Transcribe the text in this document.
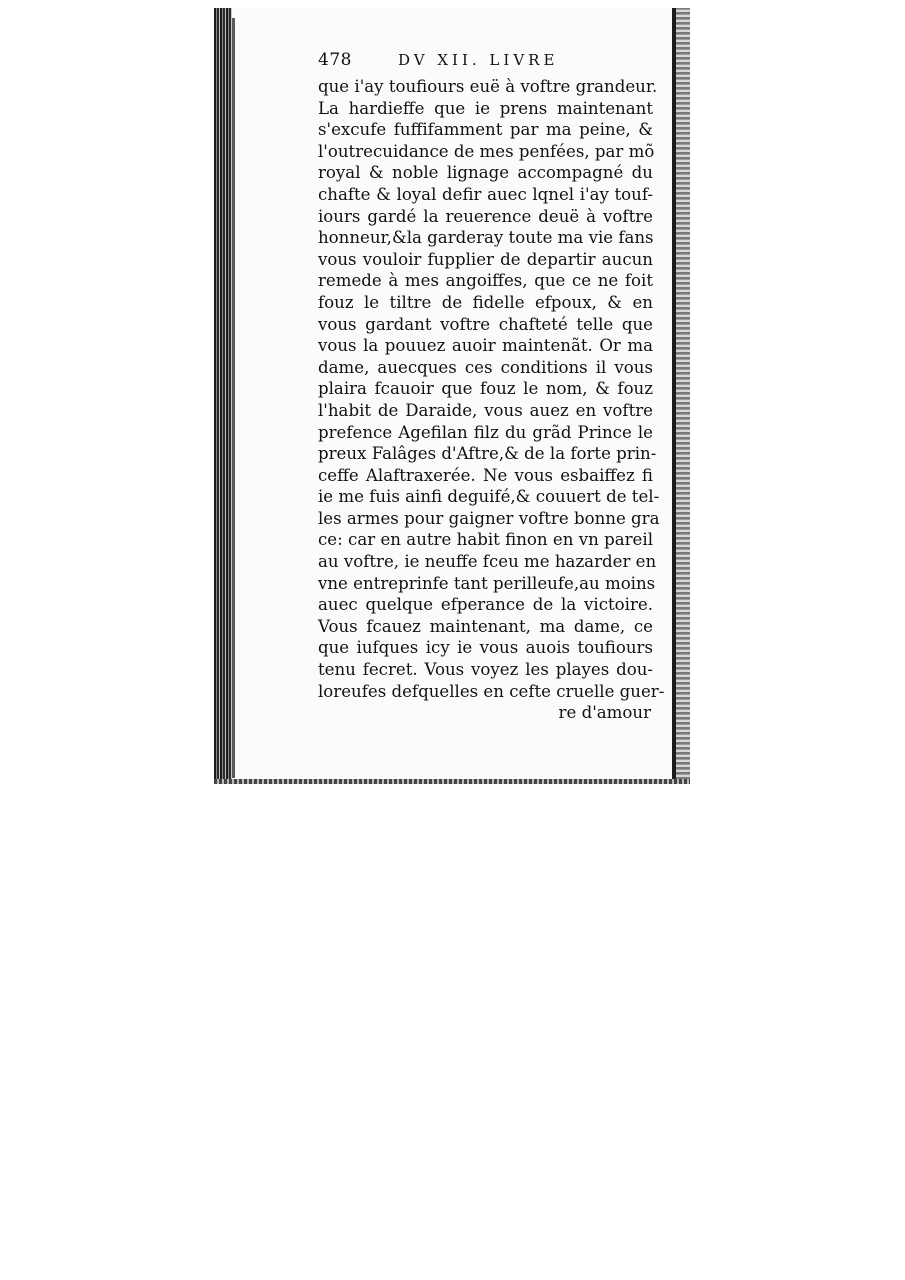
478	DV XII. LIVRE
que i'ay toufiours euë à voftre grandeur.
La hardieffe que ie prens maintenant
s'excufe fuffifamment par ma peine, &
l'outrecuidance de mes penfées, par mõ
royal & noble lignage accompagné du
chafte & loyal defir auec lqnel i'ay touf-
iours gardé la reuerence deuë à voftre
honneur,&la garderay toute ma vie fans
vous vouloir fupplier de departir aucun
remede à mes angoiffes, que ce ne foit
fouz le tiltre de fidelle efpoux, & en
vous gardant voftre chafteté telle que
vous la pouuez auoir maintenãt. Or ma
dame, auecques ces conditions il vous
plaira fcauoir que fouz le nom, & fouz
l'habit de Daraide, vous auez en voftre
prefence Agefilan filz du grãd Prince le
preux Falâges d'Aftre,& de la forte prin-
ceffe Alaftraxerée. Ne vous esbaiffez fi
ie me fuis ainfi deguifé,& couuert de tel-
les armes pour gaigner voftre bonne gra
ce: car en autre habit finon en vn pareil
au voftre, ie neuffe fceu me hazarder en
vne entreprinfe tant perilleufe,au moins
auec quelque efperance de la victoire.
Vous fcauez maintenant, ma dame, ce
que iufques icy ie vous auois toufiours
tenu fecret. Vous voyez les playes dou-
loreufes defquelles en cefte cruelle guer-
re d'amour
